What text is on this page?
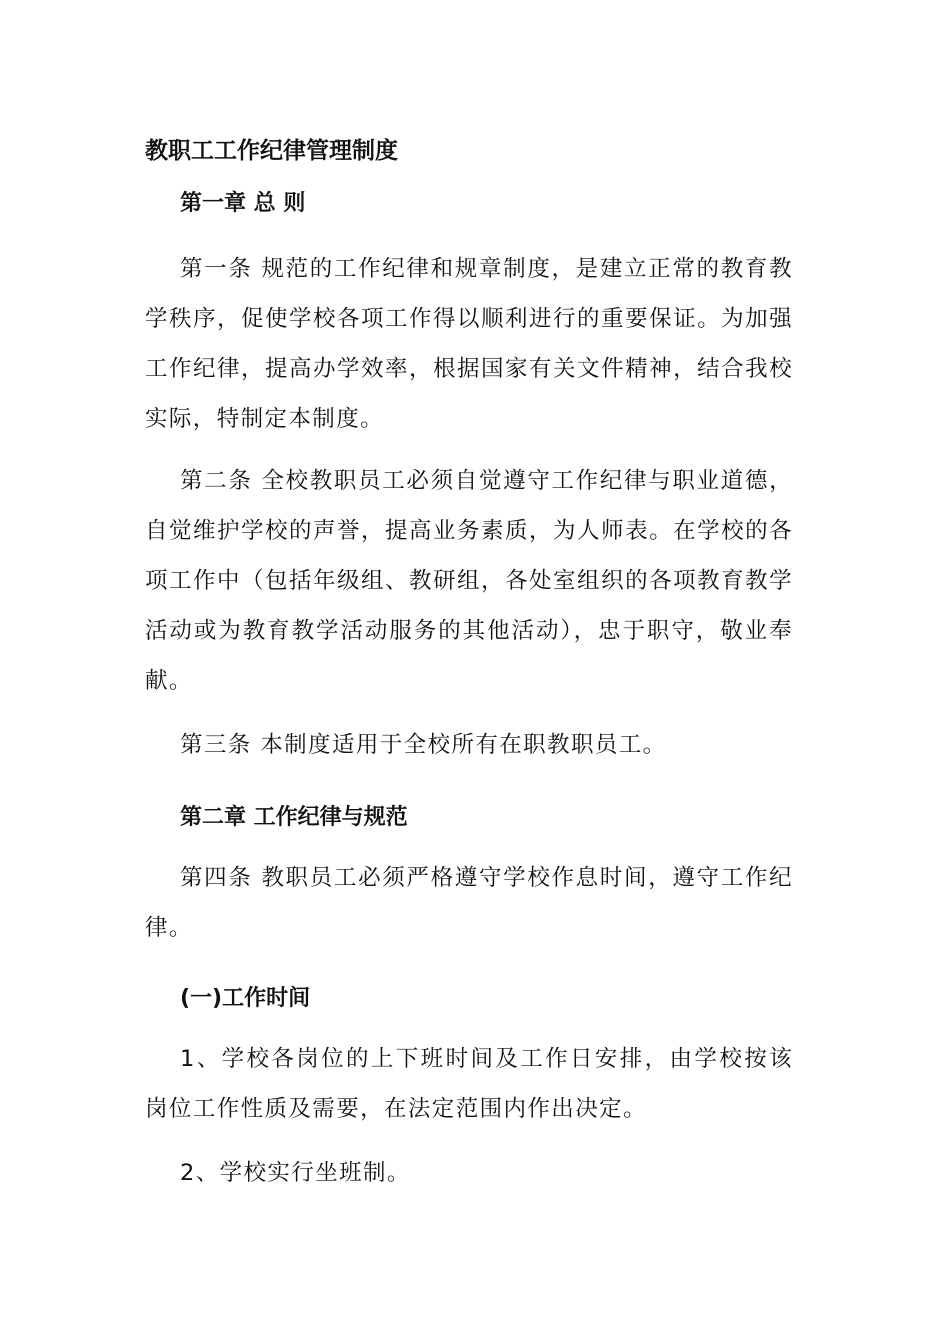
教职工工作纪律管理制度
第一章 总 则

第一条 规范的工作纪律和规章制度，是建立正常的教育教学秩序，促使学校各项工作得以顺利进行的重要保证。为加强工作纪律，提高办学效率，根据国家有关文件精神，结合我校实际，特制定本制度。

第二条 全校教职员工必须自觉遵守工作纪律与职业道德，自觉维护学校的声誉，提高业务素质，为人师表。在学校的各项工作中（包括年级组、教研组，各处室组织的各项教育教学活动或为教育教学活动服务的其他活动），忠于职守，敬业奉献。

第三条 本制度适用于全校所有在职教职员工。

第二章 工作纪律与规范

第四条 教职员工必须严格遵守学校作息时间，遵守工作纪律。

(一)工作时间

1、学校各岗位的上下班时间及工作日安排，由学校按该岗位工作性质及需要，在法定范围内作出决定。

2、学校实行坐班制。
